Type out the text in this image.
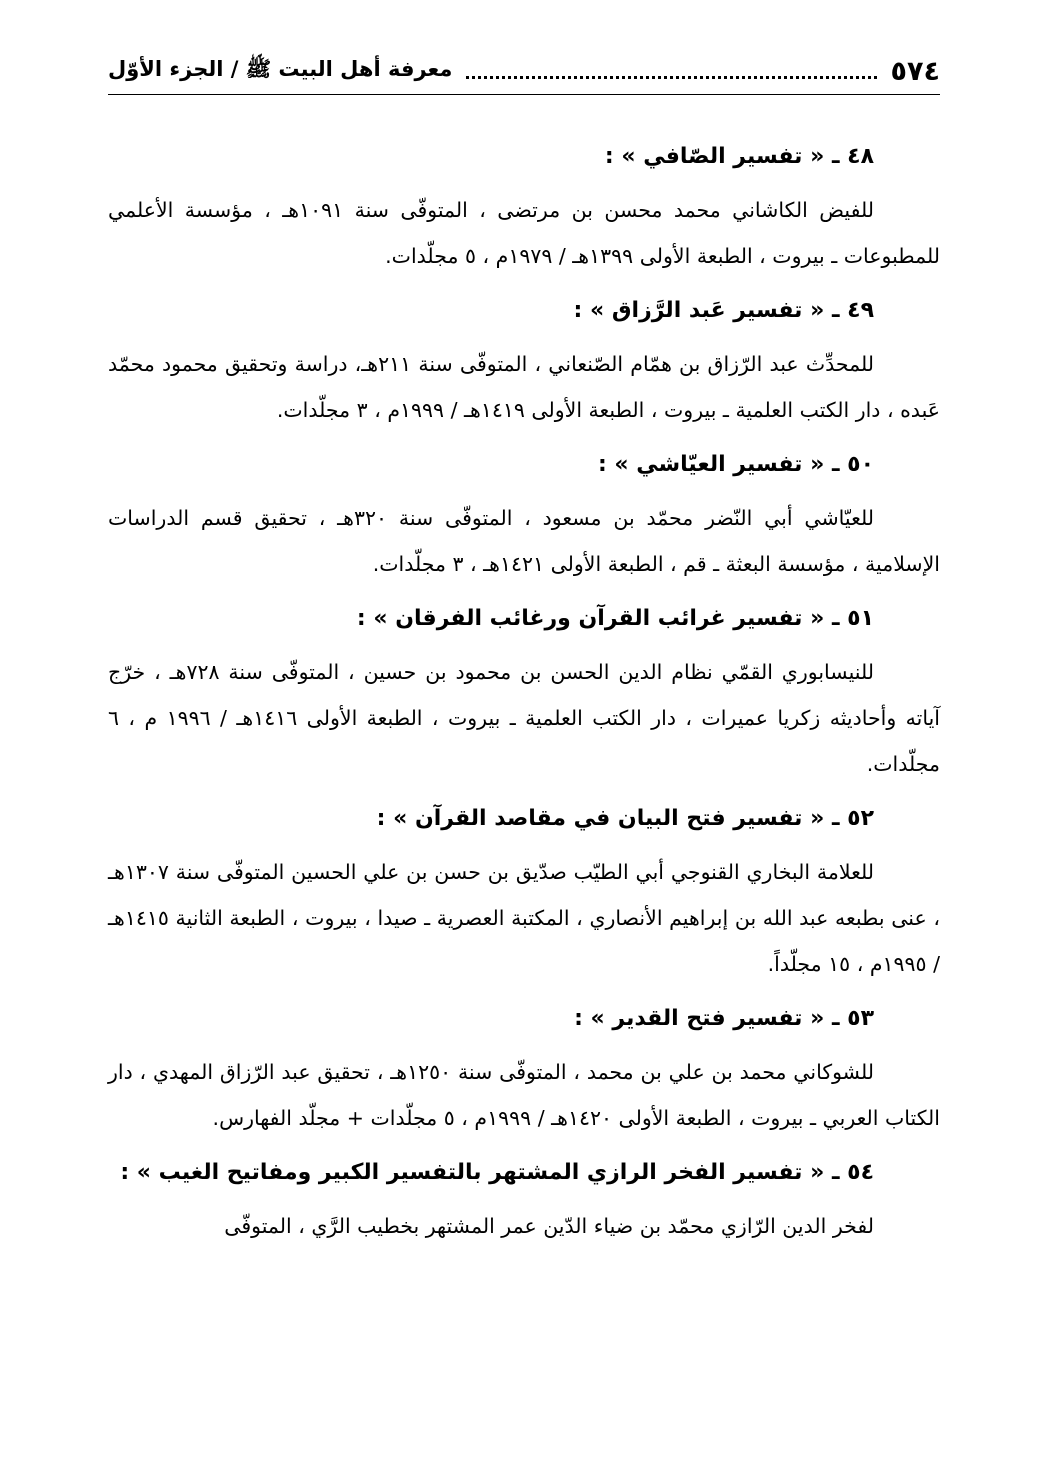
٥٧٤
معرفة أهل البيت ﷺ / الجزء الأوّل
٤٨ ـ « تفسير الصّافي » :

للفيض الكاشاني محمد محسن بن مرتضى ، المتوفّى سنة ١٠٩١هـ ، مؤسسة الأعلمي للمطبوعات ـ بيروت ، الطبعة الأولى ١٣٩٩هـ / ١٩٧٩م ، ٥ مجلّدات.

٤٩ ـ « تفسير عَبد الرَّزاق » :

للمحدِّث عبد الرّزاق بن همّام الصّنعاني ، المتوفّى سنة ٢١١هـ، دراسة وتحقيق محمود محمّد عَبده ، دار الكتب العلمية ـ بيروت ، الطبعة الأولى ١٤١٩هـ / ١٩٩٩م ، ٣ مجلّدات.

٥٠ ـ « تفسير العيّاشي » :

للعيّاشي أبي النّضر محمّد بن مسعود ، المتوفّى سنة ٣٢٠هـ ، تحقيق قسم الدراسات الإسلامية ، مؤسسة البعثة ـ قم ، الطبعة الأولى ١٤٢١هـ ، ٣ مجلّدات.

٥١ ـ « تفسير غرائب القرآن ورغائب الفرقان » :

للنيسابوري القمّي نظام الدين الحسن بن محمود بن حسين ، المتوفّى سنة ٧٢٨هـ ، خرّج آياته وأحاديثه زكريا عميرات ، دار الكتب العلمية ـ بيروت ، الطبعة الأولى ١٤١٦هـ / ١٩٩٦ م ، ٦ مجلّدات.

٥٢ ـ « تفسير فتح البيان في مقاصد القرآن » :

للعلامة البخاري القنوجي أبي الطيّب صدّيق بن حسن بن علي الحسين المتوفّى سنة ١٣٠٧هـ ، عنى بطبعه عبد الله بن إبراهيم الأنصاري ، المكتبة العصرية ـ صيدا ، بيروت ، الطبعة الثانية ١٤١٥هـ / ١٩٩٥م ، ١٥ مجلّداً.

٥٣ ـ « تفسير فتح القدير » :

للشوكاني محمد بن علي بن محمد ، المتوفّى سنة ١٢٥٠هـ ، تحقيق عبد الرّزاق المهدي ، دار الكتاب العربي ـ بيروت ، الطبعة الأولى ١٤٢٠هـ / ١٩٩٩م ، ٥ مجلّدات + مجلّد الفهارس.

٥٤ ـ « تفسير الفخر الرازي المشتهر بالتفسير الكبير ومفاتيح الغيب » :

لفخر الدين الرّازي محمّد بن ضياء الدّين عمر المشتهر بخطيب الرَّي ، المتوفّى
